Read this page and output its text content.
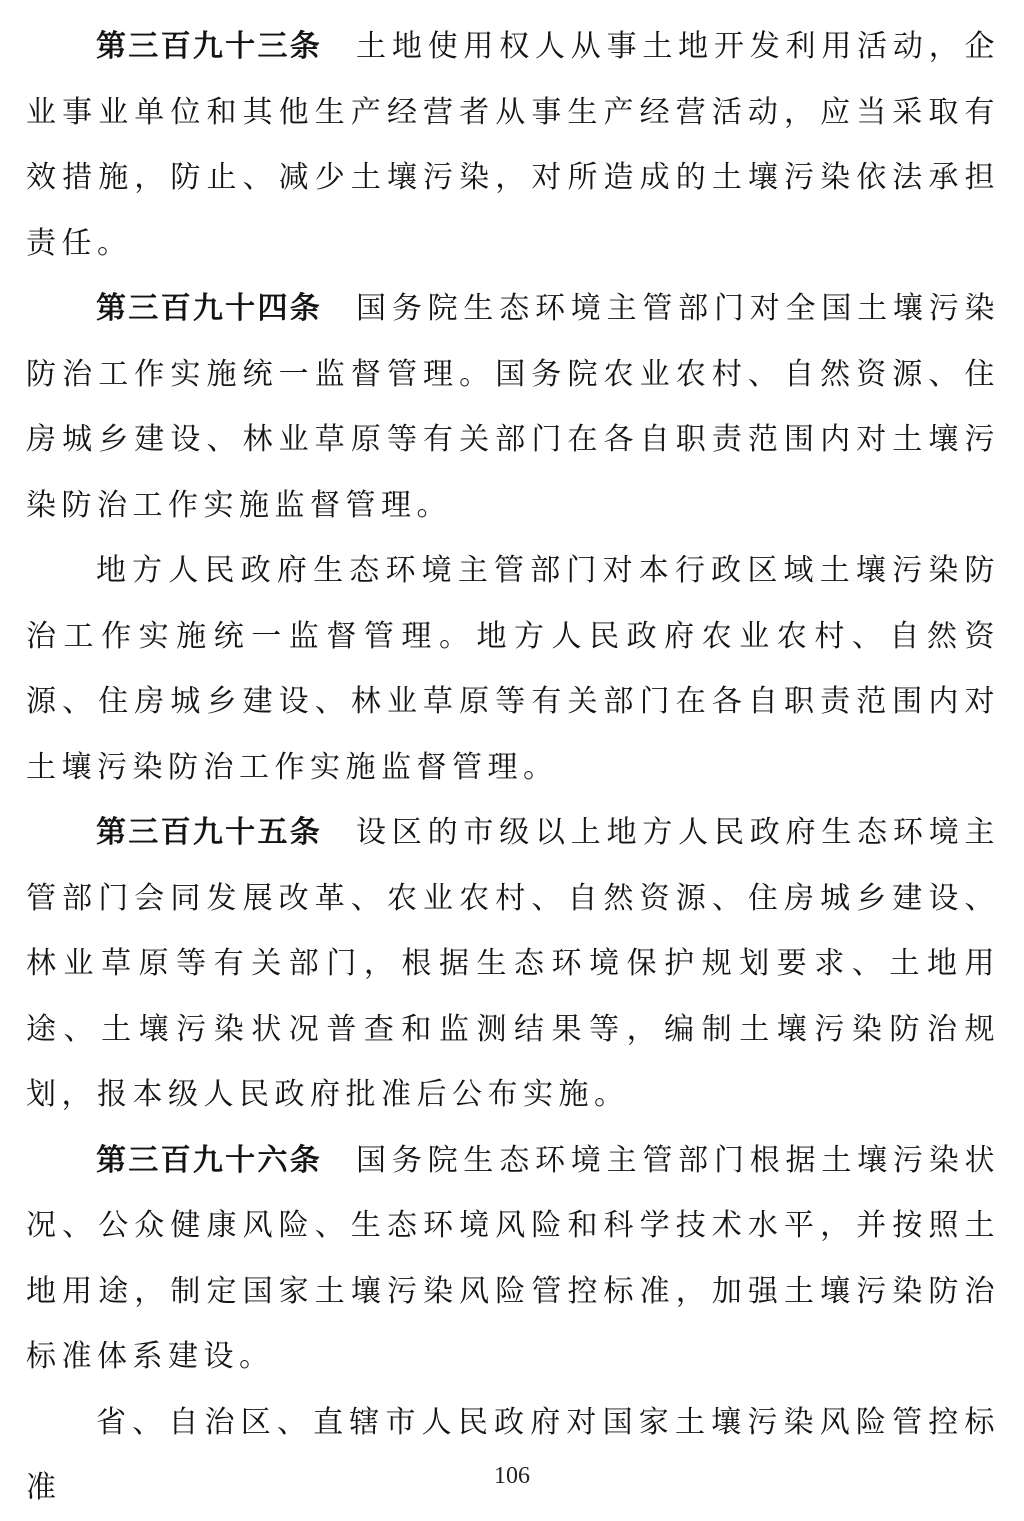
第三百九十三条 土地使用权人从事土地开发利用活动，企业事业单位和其他生产经营者从事生产经营活动，应当采取有效措施，防止、减少土壤污染，对所造成的土壤污染依法承担责任。

第三百九十四条 国务院生态环境主管部门对全国土壤污染防治工作实施统一监督管理。国务院农业农村、自然资源、住房城乡建设、林业草原等有关部门在各自职责范围内对土壤污染防治工作实施监督管理。

地方人民政府生态环境主管部门对本行政区域土壤污染防治工作实施统一监督管理。地方人民政府农业农村、自然资源、住房城乡建设、林业草原等有关部门在各自职责范围内对土壤污染防治工作实施监督管理。

第三百九十五条 设区的市级以上地方人民政府生态环境主管部门会同发展改革、农业农村、自然资源、住房城乡建设、林业草原等有关部门，根据生态环境保护规划要求、土地用途、土壤污染状况普查和监测结果等，编制土壤污染防治规划，报本级人民政府批准后公布实施。

第三百九十六条 国务院生态环境主管部门根据土壤污染状况、公众健康风险、生态环境风险和科学技术水平，并按照土地用途，制定国家土壤污染风险管控标准，加强土壤污染防治标准体系建设。

省、自治区、直辖市人民政府对国家土壤污染风险管控标准	106
